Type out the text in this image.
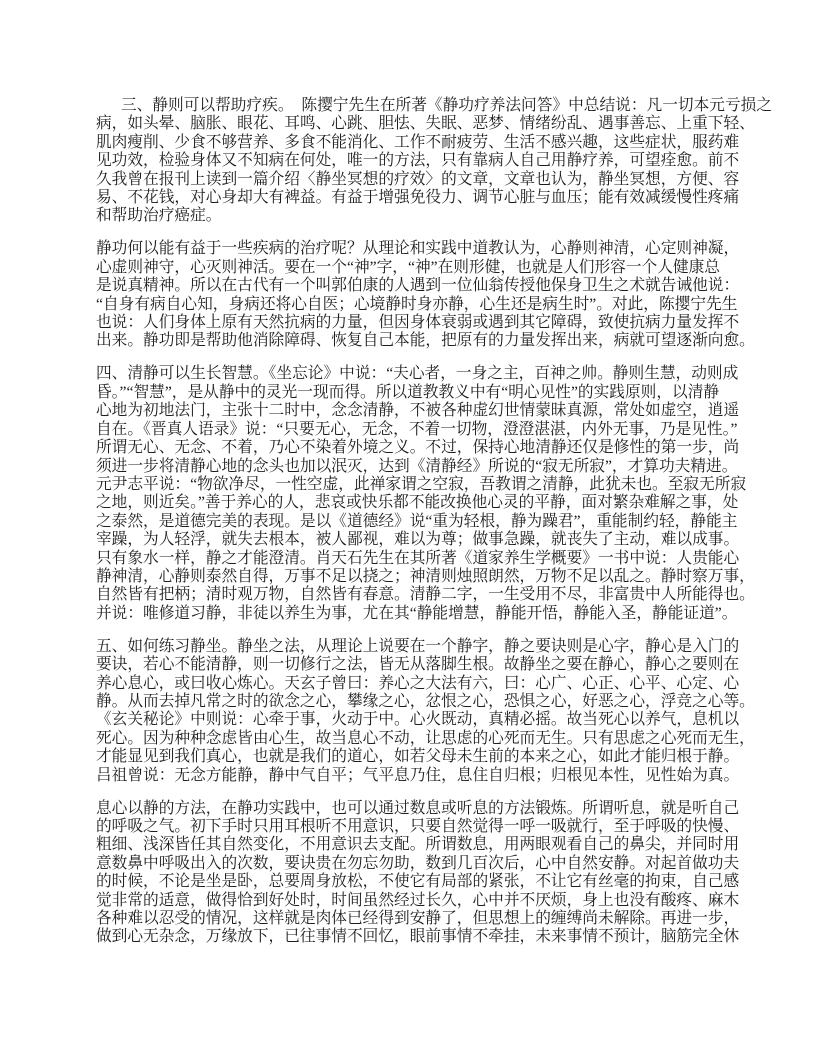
三、静则可以帮助疗疾。　陈撄宁先生在所著《静功疗养法问答》中总结说：凡一切本元亏损之
病，如头晕、脑胀、眼花、耳鸣、心跳、胆怯、失眠、恶梦、情绪纷乱、遇事善忘、上重下轻、
肌肉瘦削、少食不够营养、多食不能消化、工作不耐疲劳、生活不感兴趣，这些症状，服药难
见功效，检验身体又不知病在何处，唯一的方法，只有靠病人自己用静疗养，可望痊愈。前不
久我曾在报刊上读到一篇介绍〈静坐冥想的疗效〉的文章，文章也认为，静坐冥想，方便、容
易、不花钱，对心身却大有裨益。有益于增强免役力、调节心脏与血压；能有效减缓慢性疼痛
和帮助治疗癌症。
静功何以能有益于一些疾病的治疗呢？从理论和实践中道教认为，心静则神清，心定则神凝，
心虚则神守，心灭则神活。要在一个“神”字，“神”在则形健，也就是人们形容一个人健康总
是说真精神。所以在古代有一个叫郭伯康的人遇到一位仙翁传授他保身卫生之术就告诫他说：
“自身有病自心知，身病还将心自医；心境静时身亦静，心生还是病生时”。对此，陈撄宁先生
也说：人们身体上原有天然抗病的力量，但因身体衰弱或遇到其它障碍，致使抗病力量发挥不
出来。静功即是帮助他消除障碍、恢复自己本能，把原有的力量发挥出来，病就可望逐渐向愈。
四、清静可以生长智慧。《坐忘论》中说：“夫心者，一身之主，百神之帅。静则生慧，动则成
昏。”“智慧”，是从静中的灵光一现而得。所以道教教义中有“明心见性”的实践原则，以清静
心地为初地法门，主张十二时中，念念清静，不被各种虚幻世情蒙昧真源，常处如虚空，逍遥
自在。《晋真人语录》说：“只要无心，无念，不着一切物，澄澄湛湛，内外无事，乃是见性。”
所谓无心、无念、不着，乃心不染着外境之义。不过，保持心地清静还仅是修性的第一步，尚
须进一步将清静心地的念头也加以泯灭，达到《清静经》所说的“寂无所寂”，才算功夫精进。
元尹志平说：“物欲净尽，一性空虚，此禅家谓之空寂，吾教谓之清静，此犹未也。至寂无所寂
之地，则近矣。”善于养心的人，悲哀或快乐都不能改换他心灵的平静，面对繁杂难解之事，处
之泰然，是道德完美的表现。是以《道德经》说“重为轻根，静为躁君”，重能制约轻，静能主
宰躁，为人轻浮，就失去根本，被人鄙视，难以为尊；做事急躁，就丧失了主动，难以成事。
只有象水一样，静之才能澄清。肖天石先生在其所著《道家养生学概要》一书中说：人贵能心
静神清，心静则泰然自得，万事不足以挠之；神清则烛照朗然，万物不足以乱之。静时察万事，
自然皆有把柄；清时观万物，自然皆有春意。清静二字，一生受用不尽，非富贵中人所能得也。
并说：唯修道习静，非徒以养生为事，尤在其“静能增慧，静能开悟，静能入圣，静能证道”。
五、如何练习静坐。静坐之法，从理论上说要在一个静字，静之要诀则是心字，静心是入门的
要诀，若心不能清静，则一切修行之法，皆无从落脚生根。故静坐之要在静心，静心之要则在
养心息心，或曰收心炼心。天玄子曾曰：养心之大法有六，曰：心广、心正、心平、心定、心
静。从而去掉凡常之时的欲念之心，攀缘之心，忿恨之心，恐惧之心，好恶之心，浮竞之心等。
《玄关秘论》中则说：心牵于事，火动于中。心火既动，真精必摇。故当死心以养气，息机以
死心。因为种种念虑皆由心生，故当息心不动，让思虑的心死而无生。只有思虑之心死而无生，
才能显见到我们真心，也就是我们的道心，如若父母未生前的本来之心，如此才能归根于静。
吕祖曾说：无念方能静，静中气自平；气平息乃住，息住自归根；归根见本性，见性始为真。
息心以静的方法，在静功实践中，也可以通过数息或听息的方法锻炼。所谓听息，就是听自己
的呼吸之气。初下手时只用耳根听不用意识，只要自然觉得一呼一吸就行，至于呼吸的快慢、
粗细、浅深皆任其自然变化，不用意识去支配。所谓数息，用两眼观看自己的鼻尖，并同时用
意数鼻中呼吸出入的次数，要诀贵在勿忘勿助，数到几百次后，心中自然安静。对起首做功夫
的时候，不论是坐是卧，总要周身放松，不使它有局部的紧张，不让它有丝毫的拘束，自己感
觉非常的适意，做得恰到好处时，时间虽然经过长久，心中并不厌烦，身上也没有酸疼、麻木
各种难以忍受的情况，这样就是肉体已经得到安静了，但思想上的缠缚尚未解除。再进一步，
做到心无杂念，万缘放下，已往事情不回忆，眼前事情不牵挂，未来事情不预计，脑筋完全休
